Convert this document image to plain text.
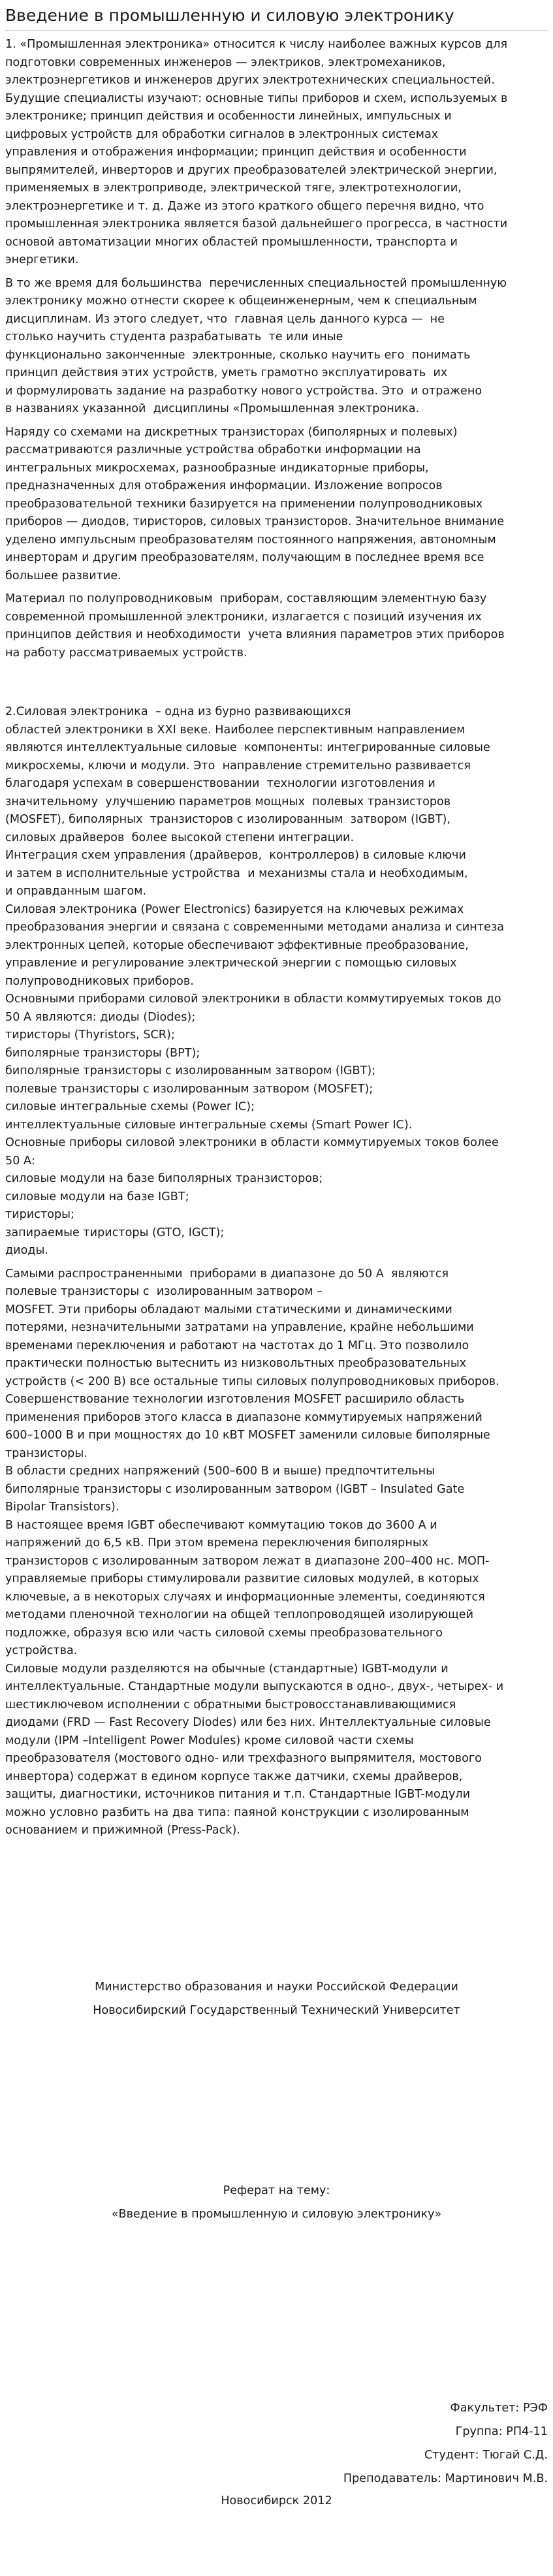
Введение в промышленную и силовую электронику
1. «Промышленная электроника» относится к числу наиболее важных курсов для
подготовки современных инженеров — электриков, электромехаников,
электроэнергетиков и инженеров других электротехнических специальностей.
Будущие специалисты изучают: основные типы приборов и схем, используемых в
электронике; принцип действия и особенности линейных, импульсных и
цифровых устройств для обработки сигналов в электронных системах
управления и отображения информации; принцип действия и особенности
выпрямителей, инверторов и других преобразователей электрической энергии,
применяемых в электроприводе, электрической тяге, электротехнологии,
электроэнергетике и т. д. Даже из этого краткого общего перечня видно, что
промышленная электроника является базой дальнейшего прогресса, в частности
основой автоматизации многих областей промышленности, транспорта и
энергетики.
В то же время для большинства  перечисленных специальностей промышленную
электронику можно отнести скорее к общеинженерным, чем к специальным
дисциплинам. Из этого следует, что  главная цель данного курса —  не
столько научить студента разрабатывать  те или иные
функционально законченные  электронные, сколько научить его  понимать
принцип действия этих устройств, уметь грамотно эксплуатировать  их
и формулировать задание на разработку нового устройства. Это  и отражено
в названиях указанной  дисциплины «Промышленная электроника.
Наряду со схемами на дискретных транзисторах (биполярных и полевых)
рассматриваются различные устройства обработки информации на
интегральных микросхемах, разнообразные индикаторные приборы,
предназначенных для отображения информации. Изложение вопросов
преобразовательной техники базируется на применении полупроводниковых
приборов — диодов, тиристоров, силовых транзисторов. Значительное внимание
уделено импульсным преобразователям постоянного напряжения, автономным
инверторам и другим преобразователям, получающим в последнее время все
большее развитие.
Материал по полупроводниковым  приборам, составляющим элементную базу
современной промышленной электроники, излагается с позиций изучения их
принципов действия и необходимости  учета влияния параметров этих приборов
на работу рассматриваемых устройств.

2.Силовая электроника  – одна из бурно развивающихся
областей электроники в XXI веке. Наиболее перспективным направлением
являются интеллектуальные силовые  компоненты: интегрированные силовые
микросхемы, ключи и модули. Это  направление стремительно развивается
благодаря успехам в совершенствовании  технологии изготовления и
значительному  улучшению параметров мощных  полевых транзисторов
(MOSFET), биполярных  транзисторов с изолированным  затвором (IGBT),
силовых драйверов  более высокой степени интеграции.
Интеграция схем управления (драйверов,  контроллеров) в силовые ключи
и затем в исполнительные устройства  и механизмы стала и необходимым,
и оправданным шагом.
Силовая электроника (Power Electronics) базируется на ключевых режимах
преобразования энергии и связана с современными методами анализа и синтеза
электронных цепей, которые обеспечивают эффективные преобразование,
управление и регулирование электрической энергии с помощью силовых
полупроводниковых приборов.
Основными приборами силовой электроники в области коммутируемых токов до
50 А являются: диоды (Diodes);
тиристоры (Thyristors, SCR);
биполярные транзисторы (BPT);
биполярные транзисторы с изолированным затвором (IGBT);
полевые транзисторы с изолированным затвором (MOSFET);
силовые интегральные схемы (Power IC);
интеллектуальные силовые интегральные схемы (Smart Power IC).
Основные приборы силовой электроники в области коммутируемых токов более
50 А:
силовые модули на базе биполярных транзисторов;
силовые модули на базе IGBT;
тиристоры;
запираемые тиристоры (GTO, IGCT);
диоды.
Самыми распространенными  приборами в диапазоне до 50 А  являются
полевые транзисторы с  изолированным затвором –
MOSFET. Эти приборы обладают малыми статическими и динамическими
потерями, незначительными затратами на управление, крайне небольшими
временами переключения и работают на частотах до 1 МГц. Это позволило
практически полностью вытеснить из низковольтных преобразовательных
устройств (< 200 В) все остальные типы силовых полупроводниковых приборов.
Совершенствование технологии изготовления MOSFET расширило область
применения приборов этого класса в диапазоне коммутируемых напряжений
600–1000 В и при мощностях до 10 кВТ MOSFET заменили силовые биполярные
транзисторы.
В области средних напряжений (500–600 В и выше) предпочтительны
биполярные транзисторы с изолированным затвором (IGBT – Insulated Gate
Bipolar Transistors).
В настоящее время IGBT обеспечивают коммутацию токов до 3600 А и
напряжений до 6,5 кВ. При этом времена переключения биполярных
транзисторов с изолированным затвором лежат в диапазоне 200–400 нс. МОП-
управляемые приборы стимулировали развитие силовых модулей, в которых
ключевые, а в некоторых случаях и информационные элементы, соединяются
методами пленочной технологии на общей теплопроводящей изолирующей
подложке, образуя всю или часть силовой схемы преобразовательного
устройства.
Силовые модули разделяются на обычные (стандартные) IGBT-модули и
интеллектуальные. Стандартные модули выпускаются в одно-, двух-, четырех- и
шестиключевом исполнении с обратными быстровосстанавливающимися
диодами (FRD — Fast Recovery Diodes) или без них. Интеллектуальные силовые
модули (IPM –Intelligent Power Modules) кроме силовой части схемы
преобразователя (мостового одно- или трехфазного выпрямителя, мостового
инвертора) содержат в едином корпусе также датчики, схемы драйверов,
защиты, диагностики, источников питания и т.п. Стандартные IGBT-модули
можно условно разбить на два типа: паяной конструкции с изолированным
основанием и прижимной (Press-Pack).
Министерство образования и науки Российской Федерации
Новосибирский Государственный Технический Университет
Реферат на тему:
«Введение в промышленную и силовую электронику»
Факультет: РЭФ
Группа: РП4-11
Студент: Тюгай С.Д.
Преподаватель: Мартинович М.В.
Новосибирск 2012
